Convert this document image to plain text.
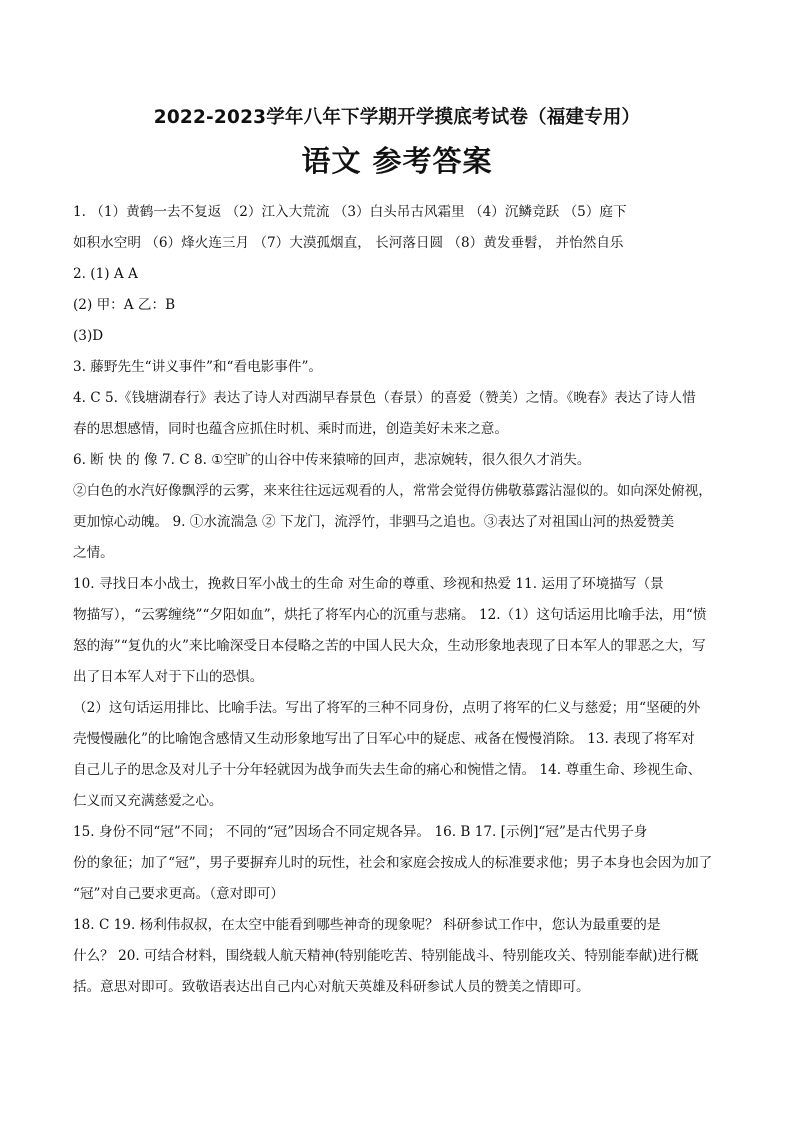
2022-2023学年八年下学期开学摸底考试卷（福建专用）
语文 参考答案
1. （1）黄鹤一去不复返 （2）江入大荒流 （3）白头吊古风霜里 （4）沉鳞竞跃 （5）庭下
如积水空明 （6）烽火连三月 （7）大漠孤烟直， 长河落日圆 （8）黄发垂髫， 并怡然自乐
2. (1) A A
(2) 甲：A 乙：B
(3)D
3. 藤野先生“讲义事件”和“看电影事件”。
4. C 5.《钱塘湖春行》表达了诗人对西湖早春景色（春景）的喜爱（赞美）之情。《晚春》表达了诗人惜
春的思想感情，同时也蕴含应抓住时机、乘时而进，创造美好未来之意。
6. 断 快 的 像 7. C 8. ①空旷的山谷中传来猿啼的回声，悲凉婉转，很久很久才消失。
②白色的水汽好像飘浮的云雾，来来往往远远观看的人，常常会觉得仿佛敬慕露沾湿似的。如向深处俯视，
更加惊心动魄。 9. ①水流湍急 ② 下龙门，流浮竹，非驷马之追也。③表达了对祖国山河的热爱赞美
之情。
10. 寻找日本小战士，挽救日军小战士的生命 对生命的尊重、珍视和热爱 11. 运用了环境描写（景
物描写），“云雾缠绕”“夕阳如血”，烘托了将军内心的沉重与悲痛。 12.（1）这句话运用比喻手法，用“愤
怒的海”“复仇的火”来比喻深受日本侵略之苦的中国人民大众，生动形象地表现了日本军人的罪恶之大，写
出了日本军人对于下山的恐惧。
（2）这句话运用排比、比喻手法。写出了将军的三种不同身份，点明了将军的仁义与慈爱；用“坚硬的外
壳慢慢融化”的比喻饱含感情又生动形象地写出了日军心中的疑虑、戒备在慢慢消除。 13. 表现了将军对
自己儿子的思念及对儿子十分年轻就因为战争而失去生命的痛心和惋惜之情。 14. 尊重生命、珍视生命、
仁义而又充满慈爱之心。
15. 身份不同“冠”不同； 不同的“冠”因场合不同定规各异。 16. B 17. [示例]“冠”是古代男子身
份的象征；加了“冠”，男子要摒弃儿时的玩性，社会和家庭会按成人的标准要求他；男子本身也会因为加了
“冠”对自己要求更高。（意对即可）
18. C 19. 杨利伟叔叔，在太空中能看到哪些神奇的现象呢？ 科研参试工作中，您认为最重要的是
什么？ 20. 可结合材料，围绕载人航天精神(特别能吃苦、特别能战斗、特别能攻关、特别能奉献)进行概
括。意思对即可。致敬语表达出自己内心对航天英雄及科研参试人员的赞美之情即可。
